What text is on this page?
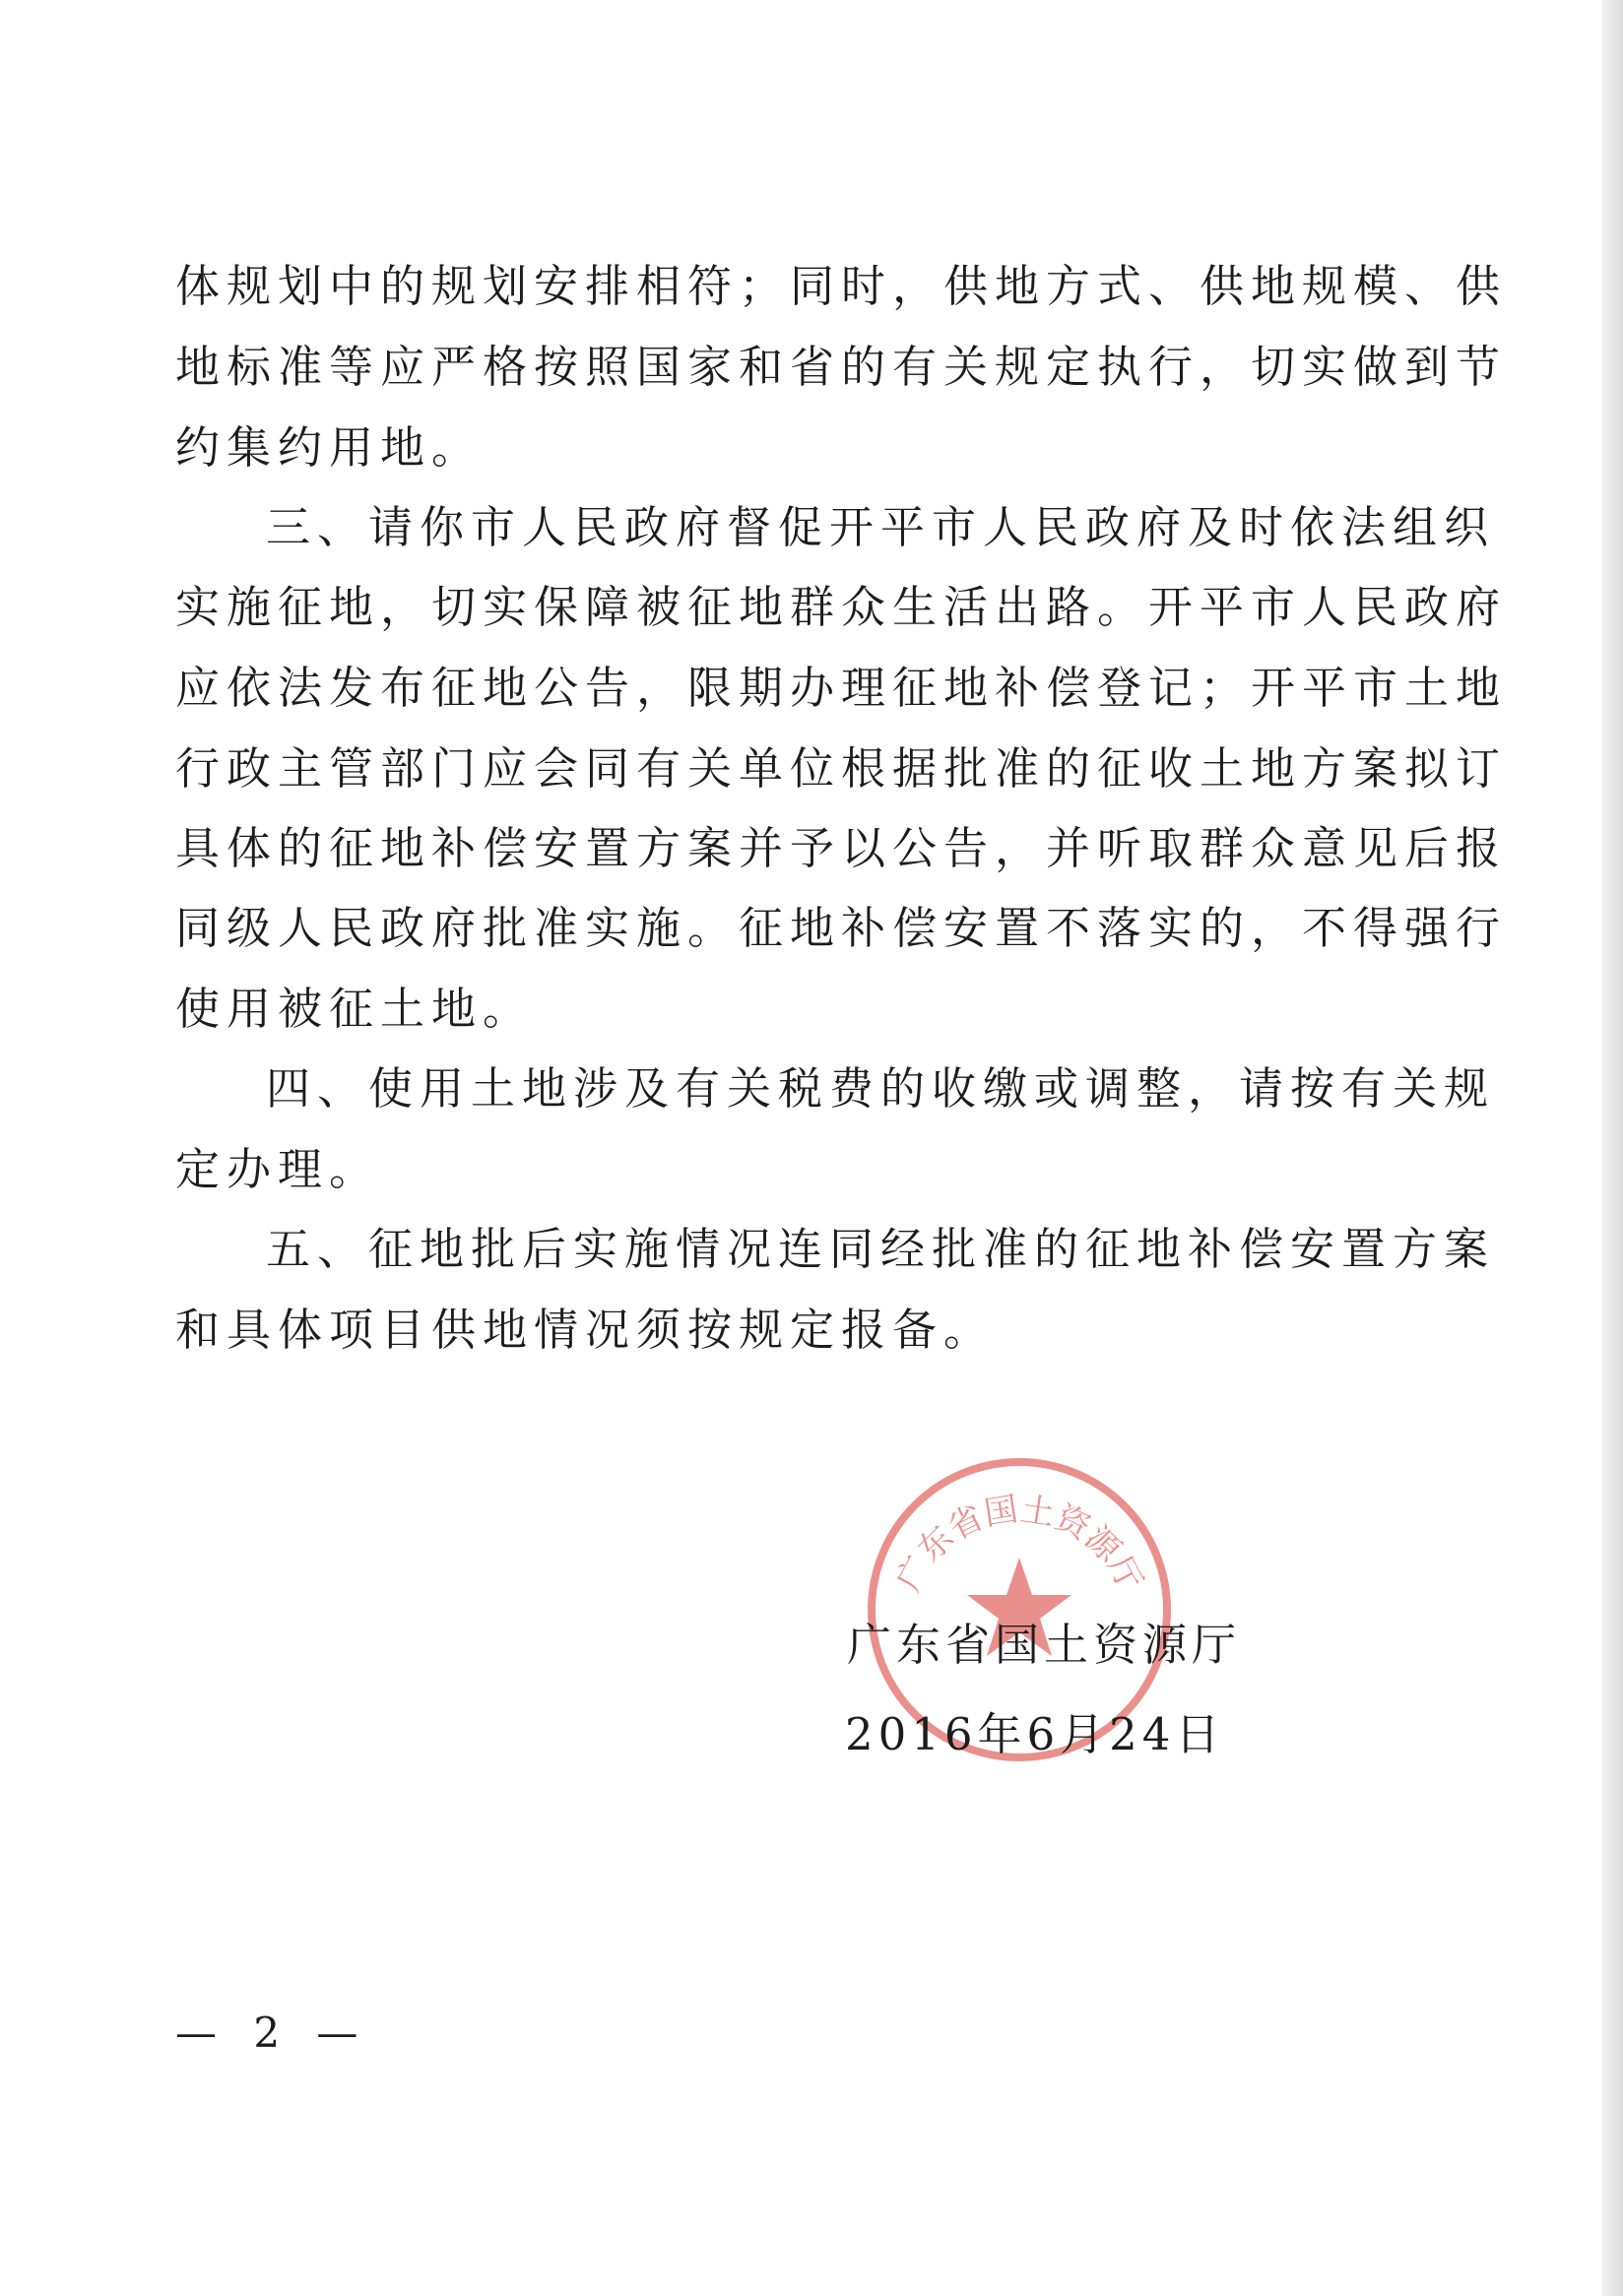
体规划中的规划安排相符；同时，供地方式、供地规模、供
地标准等应严格按照国家和省的有关规定执行，切实做到节
约集约用地。
三、请你市人民政府督促开平市人民政府及时依法组织
实施征地，切实保障被征地群众生活出路。开平市人民政府
应依法发布征地公告，限期办理征地补偿登记；开平市土地
行政主管部门应会同有关单位根据批准的征收土地方案拟订
具体的征地补偿安置方案并予以公告，并听取群众意见后报
同级人民政府批准实施。征地补偿安置不落实的，不得强行
使用被征土地。
四、使用土地涉及有关税费的收缴或调整，请按有关规
定办理。
五、征地批后实施情况连同经批准的征地补偿安置方案
和具体项目供地情况须按规定报备。
广东省国土资源厅
广东省国土资源厅
2016年6月24日
— 2 —
